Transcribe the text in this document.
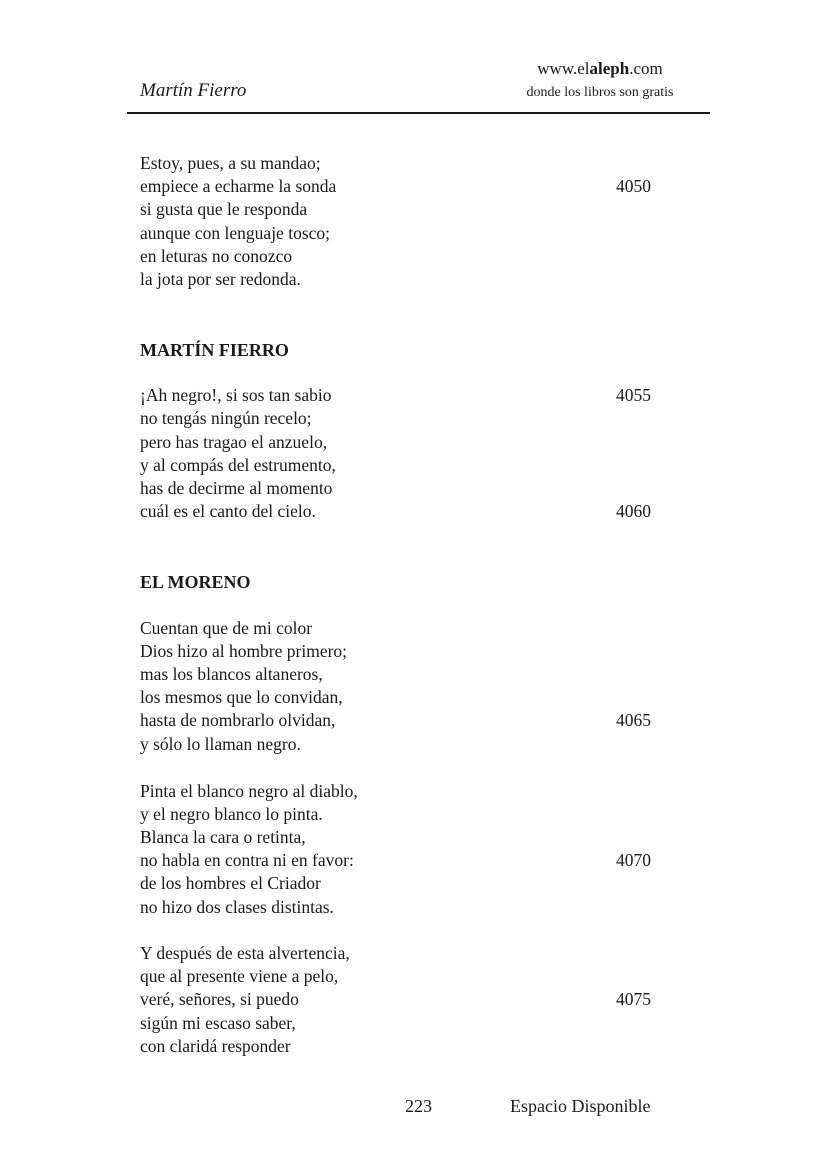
Martín Fierro
www.elaleph.com
donde los libros son gratis
Estoy, pues, a su mandao;
empiece a echarme la sonda
si gusta que le responda
aunque con lenguaje tosco;
en leturas no conozco
la jota por ser redonda.
4050
MARTÍN FIERRO
¡Ah negro!, si sos tan sabio
no tengás ningún recelo;
pero has tragao el anzuelo,
y al compás del estrumento,
has de decirme al momento
cuál es el canto del cielo.
4055
4060
EL MORENO
Cuentan que de mi color
Dios hizo al hombre primero;
mas los blancos altaneros,
los mesmos que lo convidan,
hasta de nombrarlo olvidan,
y sólo lo llaman negro.
4065
Pinta el blanco negro al diablo,
y el negro blanco lo pinta.
Blanca la cara o retinta,
no habla en contra ni en favor:
de los hombres el Criador
no hizo dos clases distintas.
4070
Y después de esta alvertencia,
que al presente viene a pelo,
veré, señores, si puedo
sigún mi escaso saber,
con claridá responder
4075
223	Espacio Disponible
